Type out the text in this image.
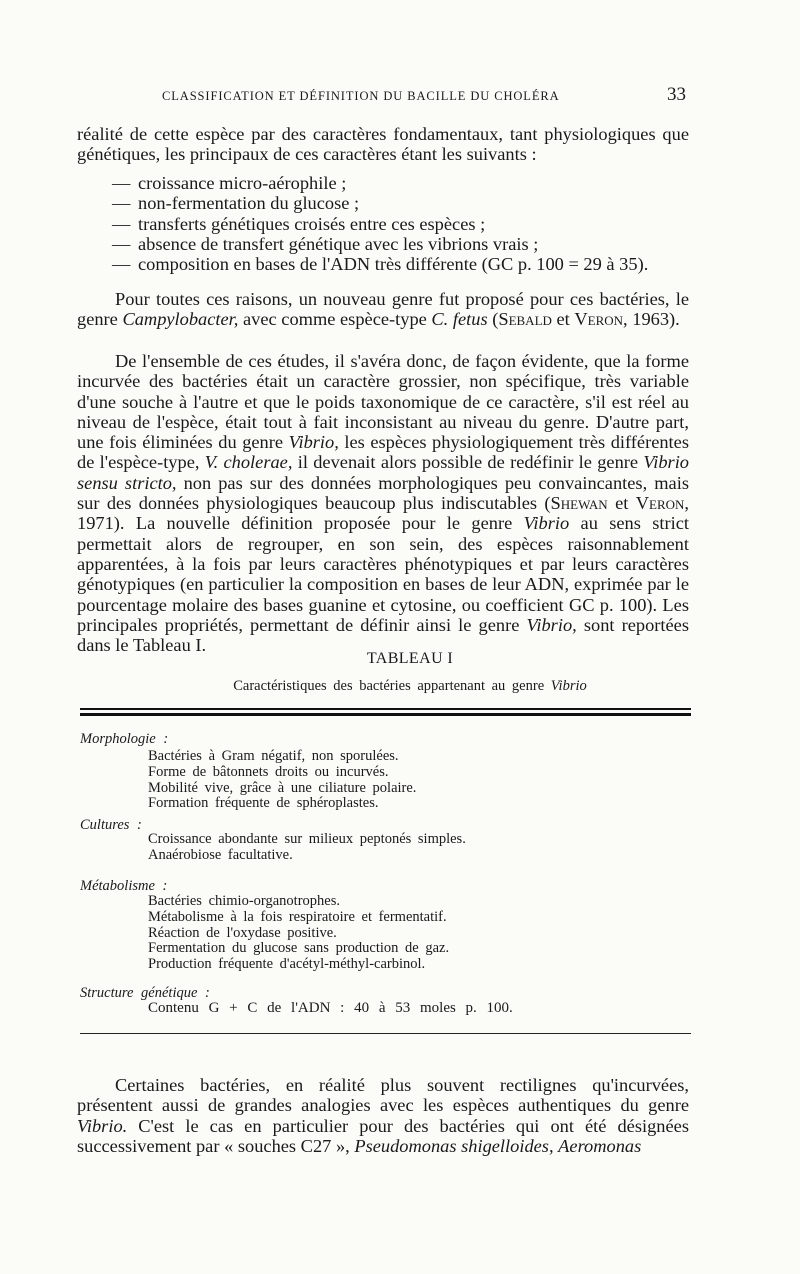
CLASSIFICATION ET DÉFINITION DU BACILLE DU CHOLÉRA	33
réalité de cette espèce par des caractères fondamentaux, tant physiologiques que génétiques, les principaux de ces caractères étant les suivants :
— croissance micro-aérophile ;
— non-fermentation du glucose ;
— transferts génétiques croisés entre ces espèces ;
— absence de transfert génétique avec les vibrions vrais ;
— composition en bases de l'ADN très différente (GC p. 100 = 29 à 35).
Pour toutes ces raisons, un nouveau genre fut proposé pour ces bactéries, le genre Campylobacter, avec comme espèce-type C. fetus (Sebald et Veron, 1963).
De l'ensemble de ces études, il s'avéra donc, de façon évidente, que la forme incurvée des bactéries était un caractère grossier, non spécifique, très variable d'une souche à l'autre et que le poids taxonomique de ce caractère, s'il est réel au niveau de l'espèce, était tout à fait inconsistant au niveau du genre. D'autre part, une fois éliminées du genre Vibrio, les espèces physiologiquement très différentes de l'espèce-type, V. cholerae, il devenait alors possible de redéfinir le genre Vibrio sensu stricto, non pas sur des données morphologiques peu convaincantes, mais sur des données physiologiques beaucoup plus indiscutables (Shewan et Veron, 1971). La nouvelle définition proposée pour le genre Vibrio au sens strict permettait alors de regrouper, en son sein, des espèces raisonnablement apparentées, à la fois par leurs caractères phénotypiques et par leurs caractères génotypiques (en particulier la composition en bases de leur ADN, exprimée par le pourcentage molaire des bases guanine et cytosine, ou coefficient GC p. 100). Les principales propriétés, permettant de définir ainsi le genre Vibrio, sont reportées dans le Tableau I.
TABLEAU I
Caractéristiques des bactéries appartenant au genre Vibrio
Morphologie :
Bactéries à Gram négatif, non sporulées.
Forme de bâtonnets droits ou incurvés.
Mobilité vive, grâce à une ciliature polaire.
Formation fréquente de sphéroplastes.
Cultures :
Croissance abondante sur milieux peptonés simples.
Anaérobiose facultative.
Métabolisme :
Bactéries chimio-organotrophes.
Métabolisme à la fois respiratoire et fermentatif.
Réaction de l'oxydase positive.
Fermentation du glucose sans production de gaz.
Production fréquente d'acétyl-méthyl-carbinol.
Structure génétique :
Contenu G + C de l'ADN : 40 à 53 moles p. 100.
Certaines bactéries, en réalité plus souvent rectilignes qu'incurvées, présentent aussi de grandes analogies avec les espèces authentiques du genre Vibrio. C'est le cas en particulier pour des bactéries qui ont été désignées successivement par « souches C27 », Pseudomonas shigelloides, Aeromonas
